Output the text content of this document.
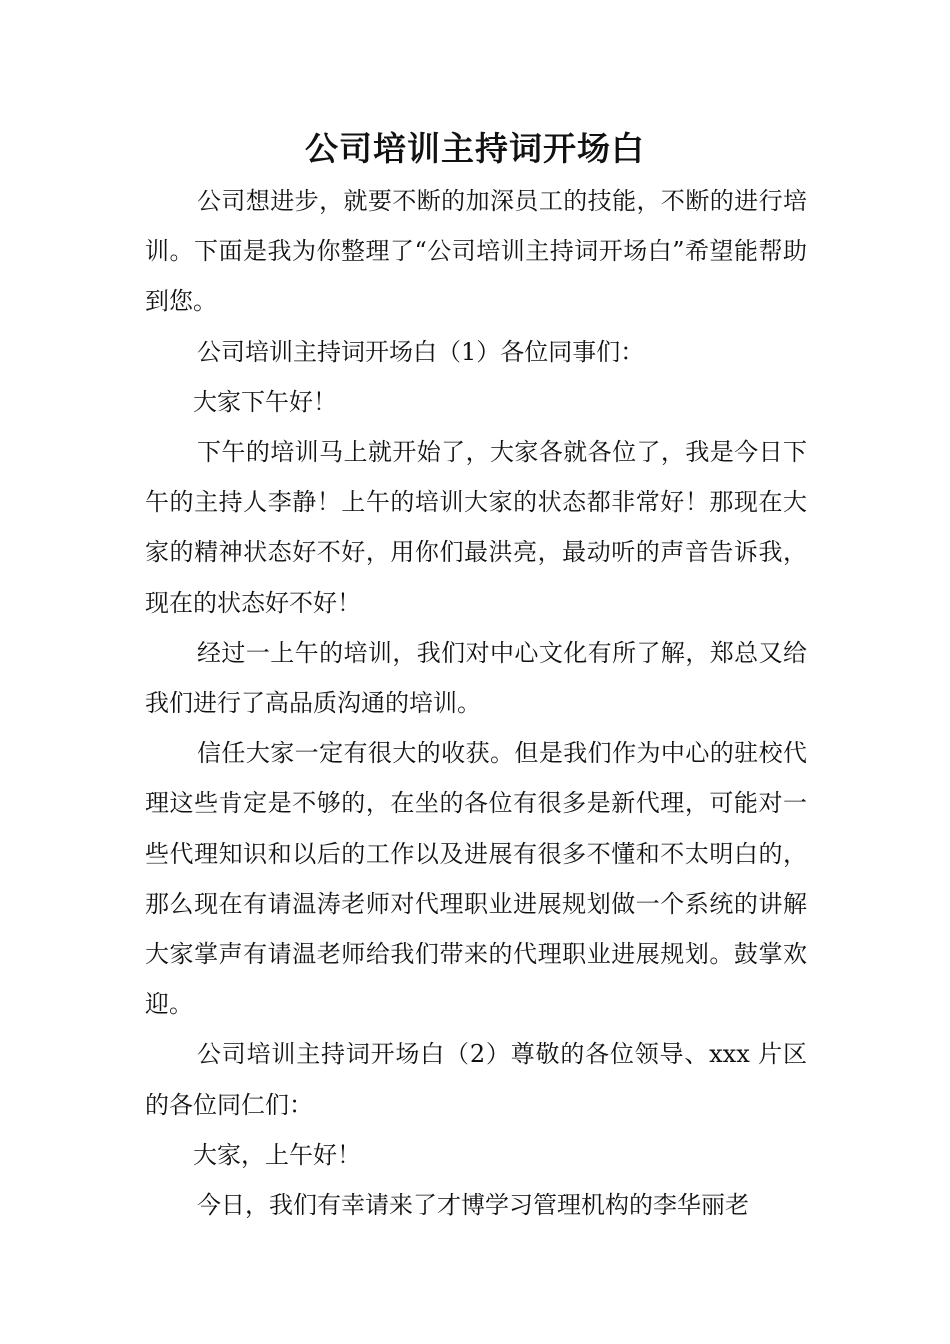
公司培训主持词开场白

公司想进步，就要不断的加深员工的技能，不断的进行培训。下面是我为你整理了“公司培训主持词开场白”希望能帮助到您。

公司培训主持词开场白（1）各位同事们：

大家下午好！

下午的培训马上就开始了，大家各就各位了，我是今日下午的主持人李静！上午的培训大家的状态都非常好！那现在大家的精神状态好不好，用你们最洪亮，最动听的声音告诉我，现在的状态好不好！

经过一上午的培训，我们对中心文化有所了解，郑总又给我们进行了高品质沟通的培训。

信任大家一定有很大的收获。但是我们作为中心的驻校代理这些肯定是不够的，在坐的各位有很多是新代理，可能对一些代理知识和以后的工作以及进展有很多不懂和不太明白的，那么现在有请温涛老师对代理职业进展规划做一个系统的讲解大家掌声有请温老师给我们带来的代理职业进展规划。鼓掌欢迎。

公司培训主持词开场白（2）尊敬的各位领导、xxx 片区的各位同仁们：

大家，上午好！

今日，我们有幸请来了才博学习管理机构的李华丽老
